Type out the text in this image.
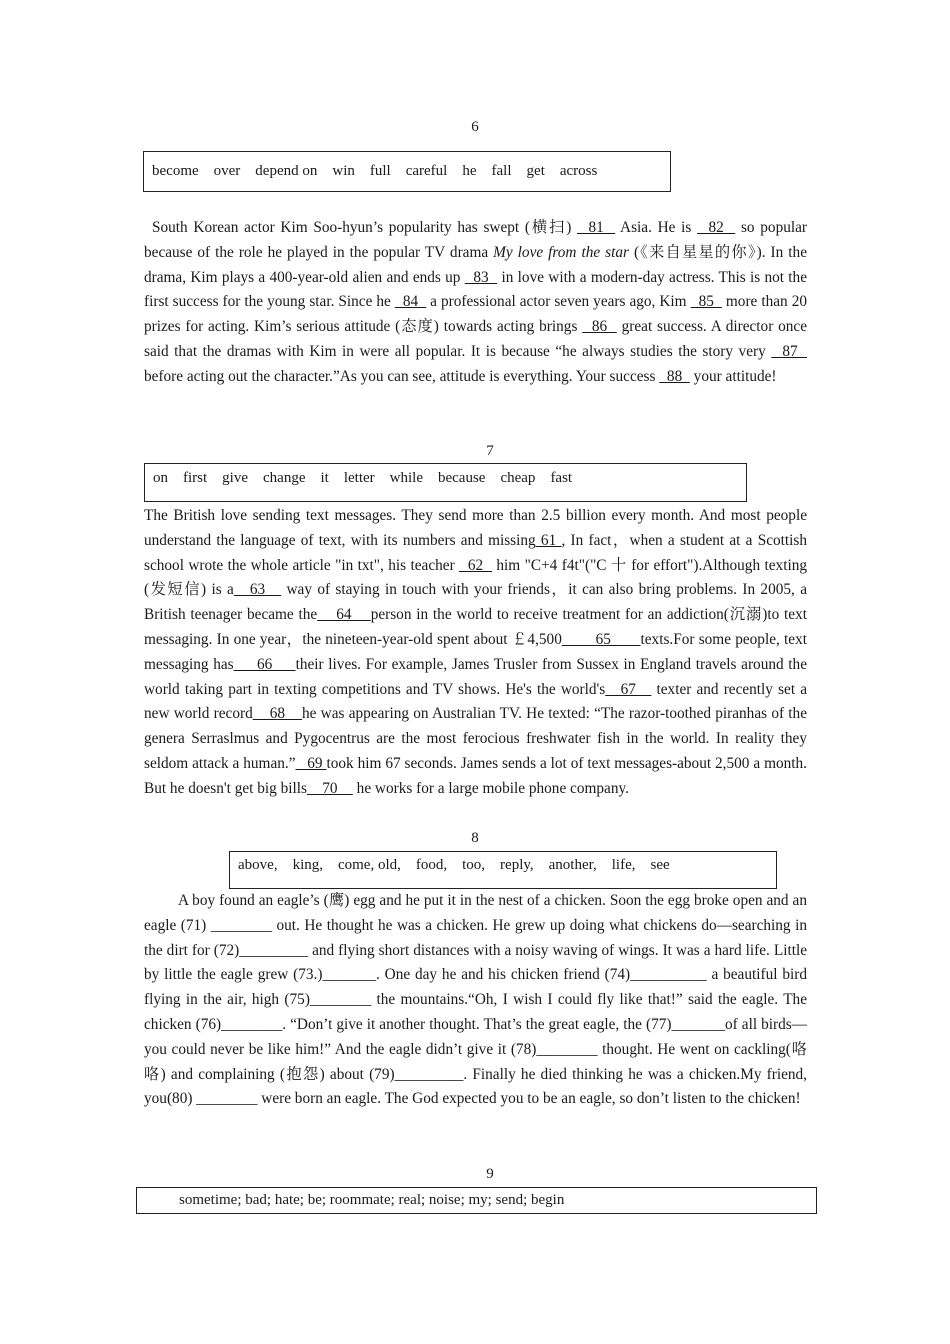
6
become over depend on win full careful he fall get across

South Korean actor Kim Soo-hyun’s popularity has swept (横扫)   81   Asia. He is   82   so popular because of the role he played in the popular TV drama My love from the star (《来自星星的你》). In the drama, Kim plays a 400-year-old alien and ends up   83   in love with a modern-day actress. This is not the first success for the young star. Since he   84   a professional actor seven years ago, Kim   85   more than 20 prizes for acting. Kim’s serious attitude (态度) towards acting brings   86   great success. A director once said that the dramas with Kim in were all popular. It is because “he always studies the story very   87   before acting out the character.”As you can see, attitude is everything. Your success   88   your attitude!

7
on first give change it letter while because cheap fast

The British love sending text messages. They send more than 2.5 billion every month. And most people understand the language of text, with its numbers and missing 61 , In fact，when a student at a Scottish school wrote the whole article "in txt", his teacher   62   him "C+4 f4t"("C 十 for effort").Although texting (发短信) is a   63    way of staying in touch with your friends，it can also bring problems. In 2005, a British teenager became the    64    person in the world to receive treatment for an addiction(沉溺)to text messaging. In one year，the nineteen-year-old spent about ￡4,500        65       texts.For some people, text messaging has     66     their lives. For example, James Trusler from Sussex in England travels around the world taking part in texting competitions and TV shows. He's the world's   67    texter and recently set a new world record    68    he was appearing on Australian TV. He texted: “The razor-toothed piranhas of the genera Serraslmus and Pygocentrus are the most ferocious freshwater fish in the world. In reality they seldom attack a human.”   69 took him 67 seconds. James sends a lot of text messages-about 2,500 a month. But he doesn't get big bills    70     he works for a large mobile phone company.

8
above,    king,    come, old,    food,    too,    reply,    another,    life,    see

A boy found an eagle’s (鹰) egg and he put it in the nest of a chicken. Soon the egg broke open and an eagle (71) ________ out. He thought he was a chicken. He grew up doing what chickens do—searching in the dirt for (72)_________ and flying short distances with a noisy waving of wings. It was a hard life. Little by little the eagle grew (73.)_______. One day he and his chicken friend (74)__________ a beautiful bird flying in the air, high (75)________ the mountains.“Oh, I wish I could fly like that!” said the eagle. The chicken (76)________. “Don’t give it another thought. That’s the great eagle, the (77)_______of all birds—you could never be like him!” And the eagle didn’t give it (78)________ thought. He went on cackling(咯咯) and complaining (抱怨) about (79)_________. Finally he died thinking he was a chicken.My friend, you(80) ________ were born an eagle. The God expected you to be an eagle, so don’t listen to the chicken!

9
sometime; bad; hate; be; roommate; real; noise; my; send; begin
